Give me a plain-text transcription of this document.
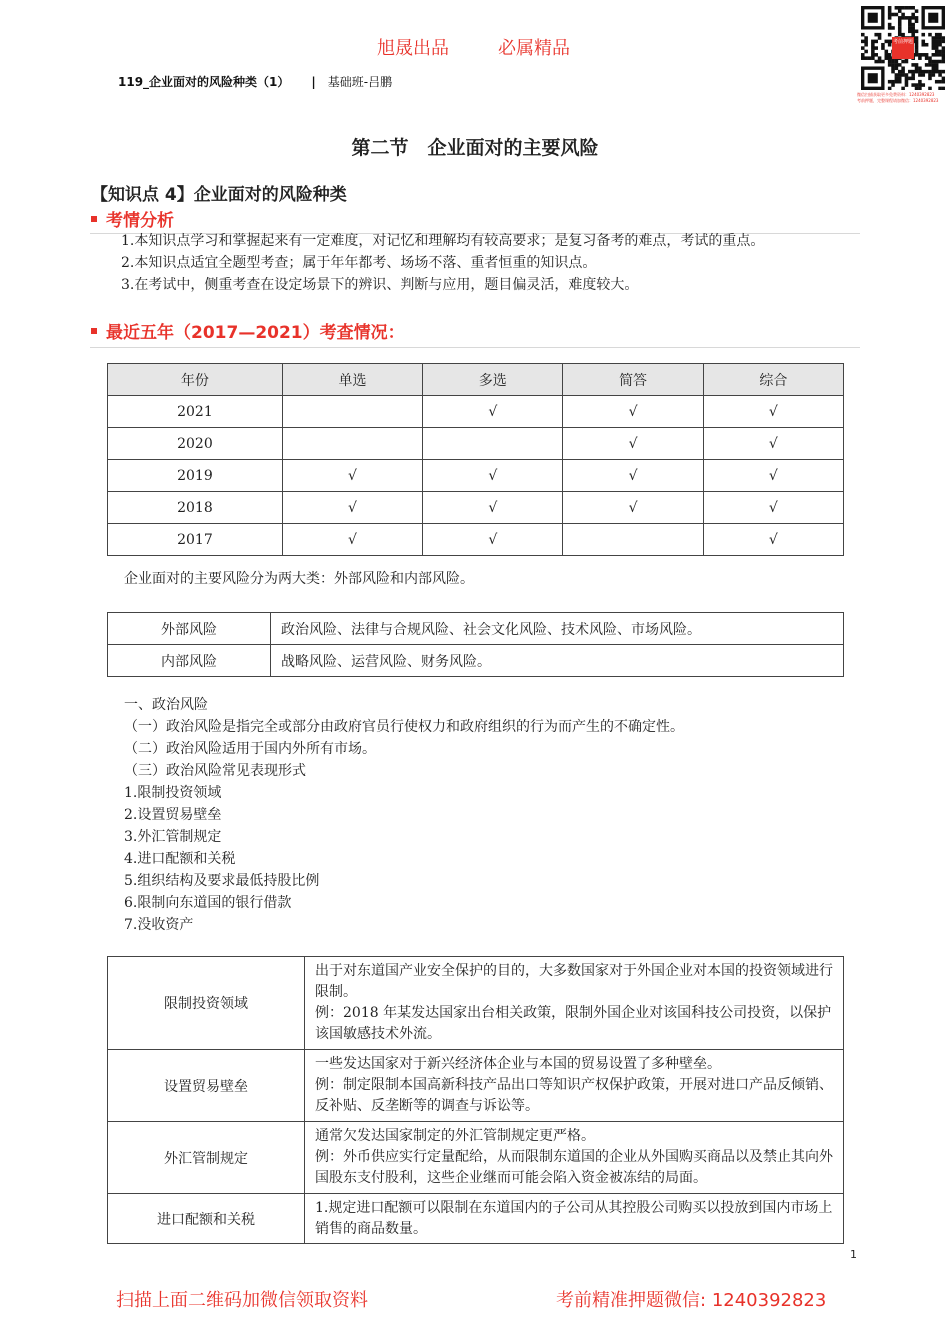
旭晟出品	必属精品
119_企业面对的风险种类（1） | 基础班-吕鹏
考前押题
微信扫描获取更多免费资料：1240392823
考前押题，完整课程请加微信：1240392823
第二节　企业面对的主要风险
【知识点 4】企业面对的风险种类
考情分析
1.本知识点学习和掌握起来有一定难度，对记忆和理解均有较高要求；是复习备考的难点，考试的重点。
2.本知识点适宜全题型考查；属于年年都考、场场不落、重者恒重的知识点。
3.在考试中，侧重考查在设定场景下的辨识、判断与应用，题目偏灵活，难度较大。
最近五年（2017—2021）考查情况：
年份	单选	多选	简答	综合
2021		√	√	√
2020			√	√
2019	√	√	√	√
2018	√	√	√	√
2017	√	√		√
企业面对的主要风险分为两大类：外部风险和内部风险。
外部风险	政治风险、法律与合规风险、社会文化风险、技术风险、市场风险。
内部风险	战略风险、运营风险、财务风险。
一、政治风险
（一）政治风险是指完全或部分由政府官员行使权力和政府组织的行为而产生的不确定性。
（二）政治风险适用于国内外所有市场。
（三）政治风险常见表现形式
1.限制投资领域
2.设置贸易壁垒
3.外汇管制规定
4.进口配额和关税
5.组织结构及要求最低持股比例
6.限制向东道国的银行借款
7.没收资产
限制投资领域	出于对东道国产业安全保护的目的，大多数国家对于外国企业对本国的投资领域进行限制。
例：2018 年某发达国家出台相关政策，限制外国企业对该国科技公司投资，以保护该国敏感技术外流。

设置贸易壁垒	一些发达国家对于新兴经济体企业与本国的贸易设置了多种壁垒。
例：制定限制本国高新科技产品出口等知识产权保护政策，开展对进口产品反倾销、反补贴、反垄断等的调查与诉讼等。

外汇管制规定	通常欠发达国家制定的外汇管制规定更严格。
例：外币供应实行定量配给，从而限制东道国的企业从外国购买商品以及禁止其向外国股东支付股利，这些企业继而可能会陷入资金被冻结的局面。

进口配额和关税	1.规定进口配额可以限制在东道国内的子公司从其控股公司购买以投放到国内市场上销售的商品数量。
1
扫描上面二维码加微信领取资料	考前精准押题微信: 1240392823
